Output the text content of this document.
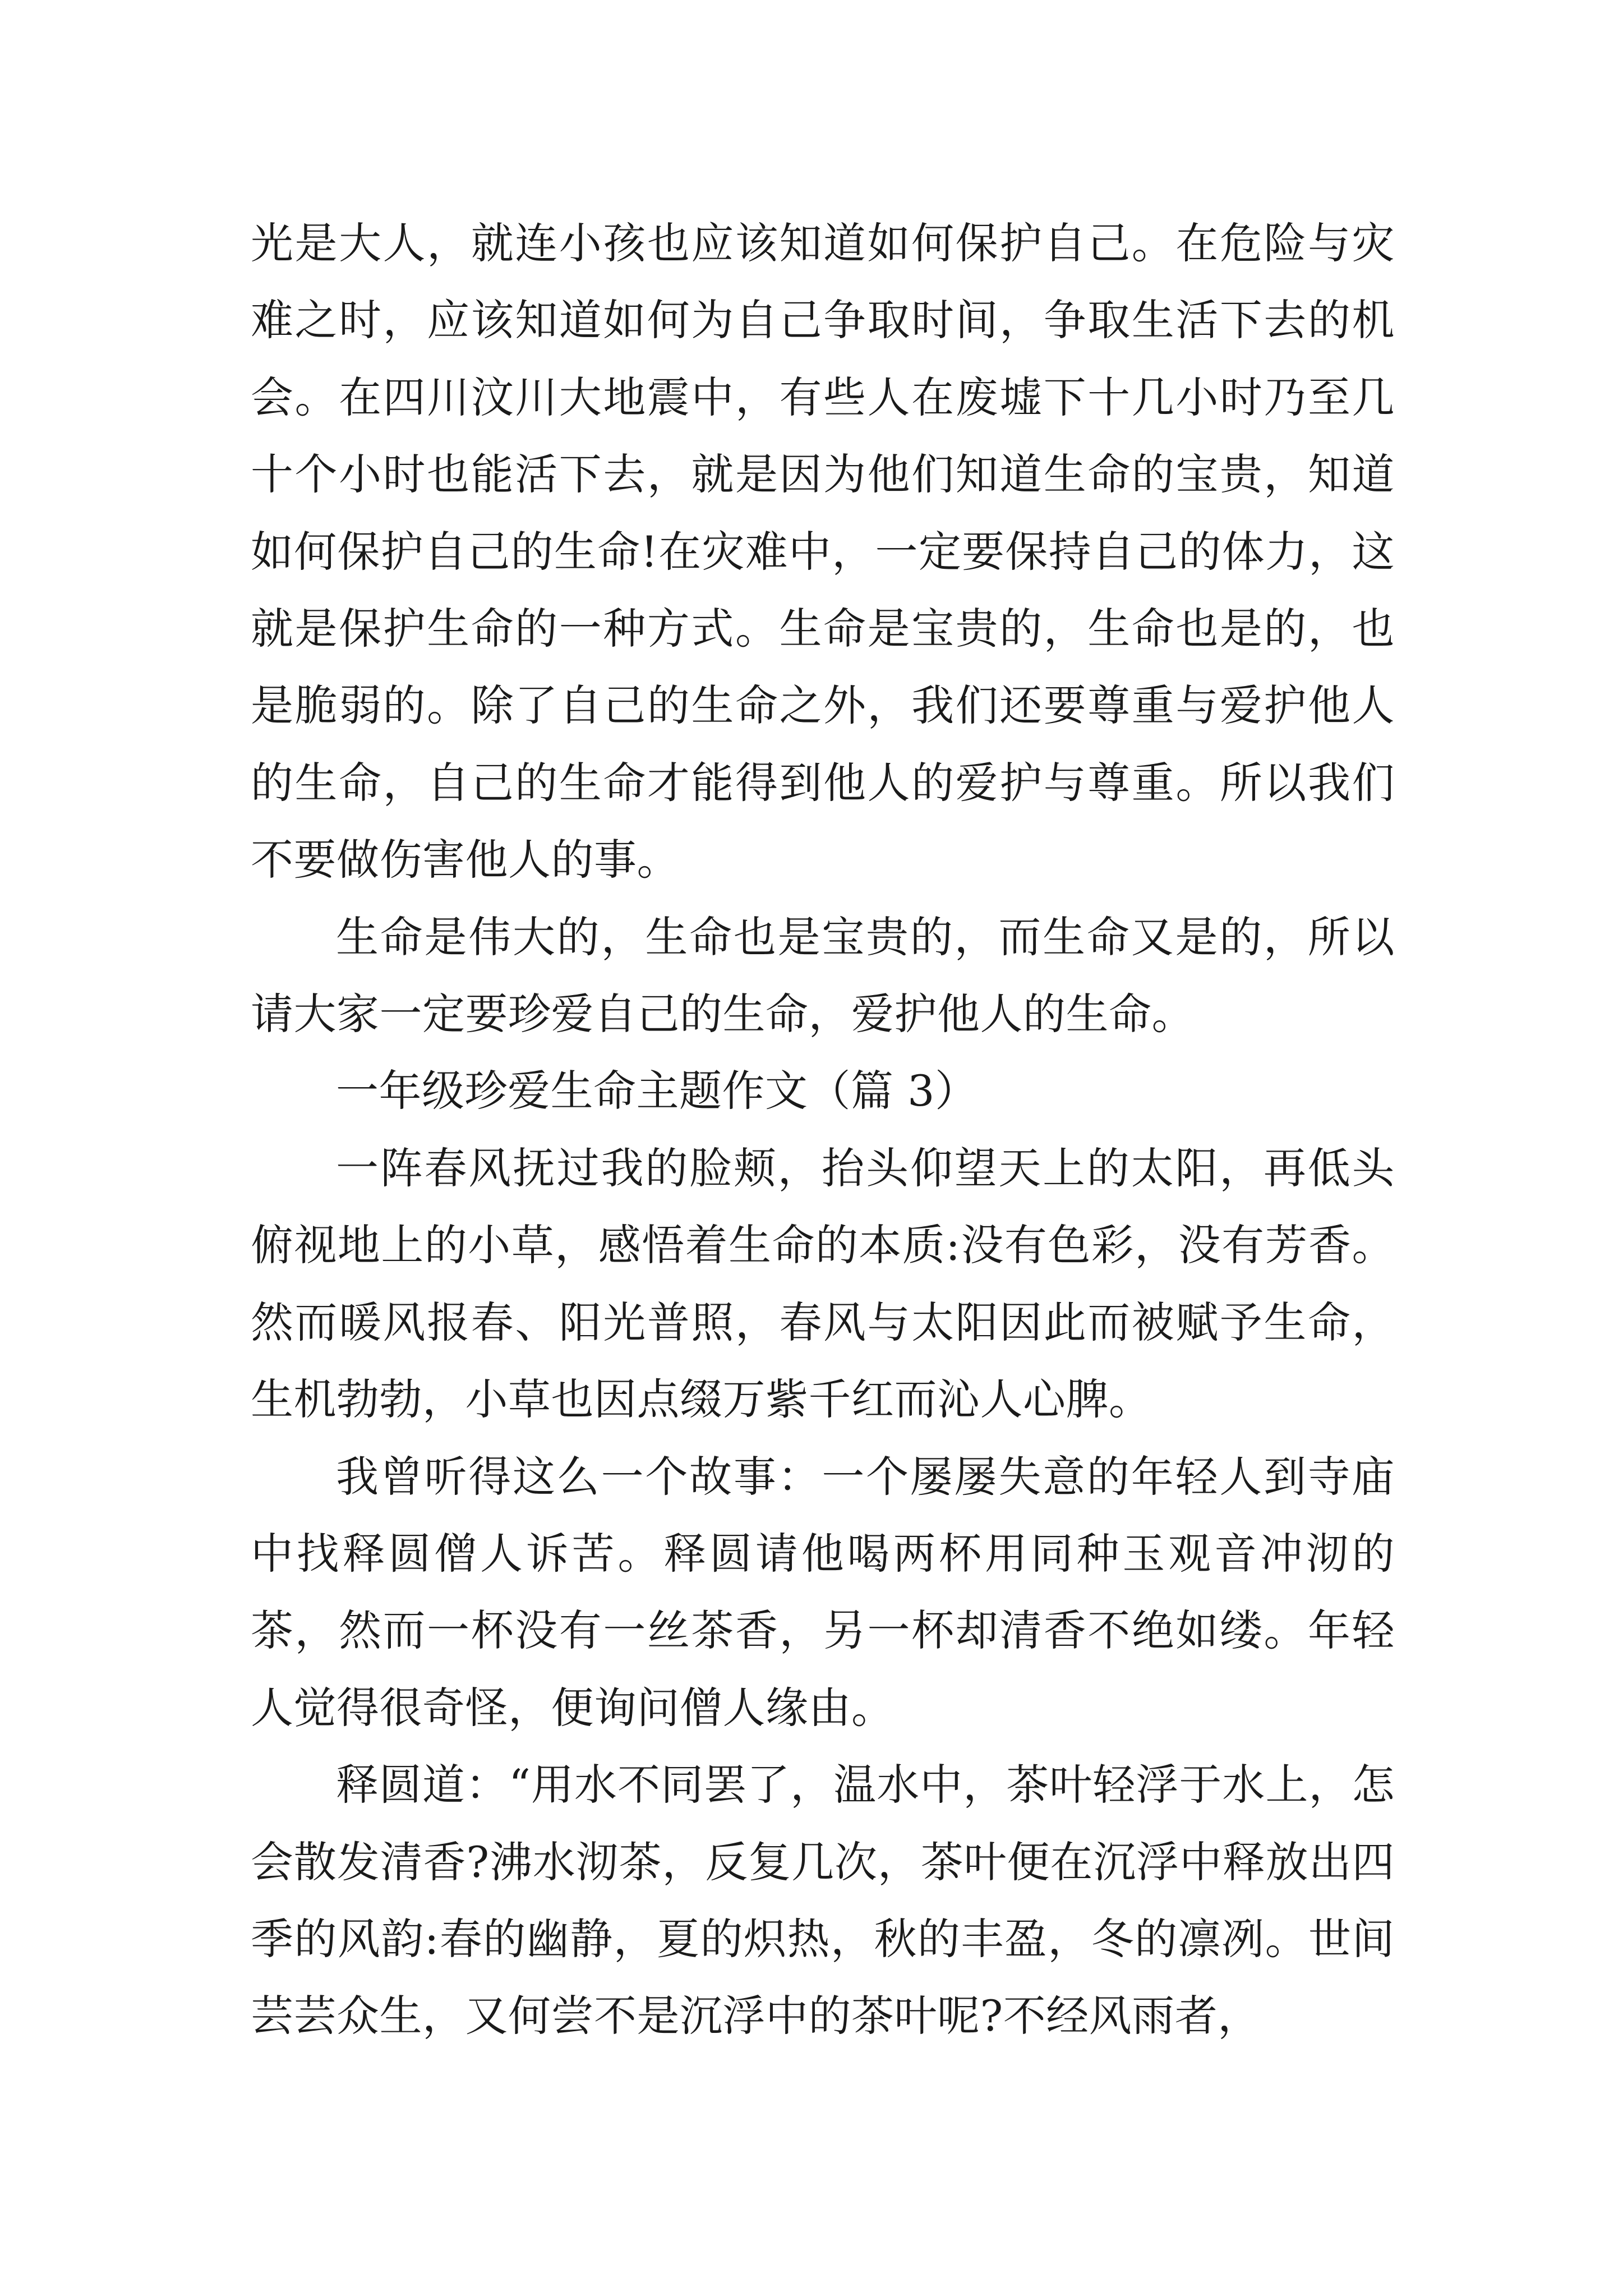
光是大人，就连小孩也应该知道如何保护自己。在危险与灾难之时，应该知道如何为自己争取时间，争取生活下去的机会。在四川汶川大地震中，有些人在废墟下十几小时乃至几十个小时也能活下去，就是因为他们知道生命的宝贵，知道如何保护自己的生命!在灾难中，一定要保持自己的体力，这就是保护生命的一种方式。生命是宝贵的，生命也是的，也是脆弱的。除了自己的生命之外，我们还要尊重与爱护他人的生命，自己的生命才能得到他人的爱护与尊重。所以我们不要做伤害他人的事。

生命是伟大的，生命也是宝贵的，而生命又是的，所以请大家一定要珍爱自己的生命，爱护他人的生命。

一年级珍爱生命主题作文（篇 3）

一阵春风抚过我的脸颊，抬头仰望天上的太阳，再低头俯视地上的小草，感悟着生命的本质:没有色彩，没有芳香。然而暖风报春、阳光普照，春风与太阳因此而被赋予生命，生机勃勃，小草也因点缀万紫千红而沁人心脾。

我曾听得这么一个故事：一个屡屡失意的年轻人到寺庙中找释圆僧人诉苦。释圆请他喝两杯用同种玉观音冲沏的茶，然而一杯没有一丝茶香，另一杯却清香不绝如缕。年轻人觉得很奇怪，便询问僧人缘由。

释圆道：“用水不同罢了，温水中，茶叶轻浮于水上，怎会散发清香?沸水沏茶，反复几次，茶叶便在沉浮中释放出四季的风韵:春的幽静，夏的炽热，秋的丰盈，冬的凛冽。世间芸芸众生，又何尝不是沉浮中的茶叶呢?不经风雨者，
